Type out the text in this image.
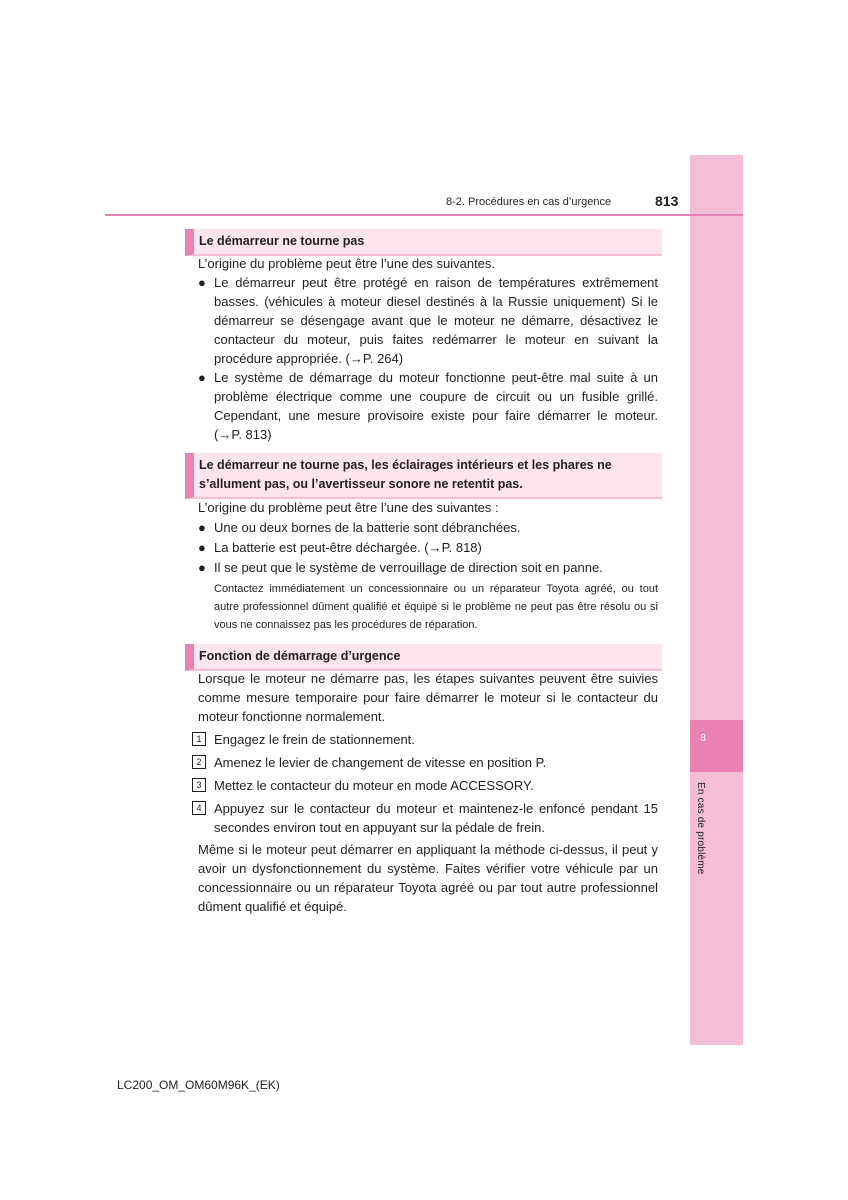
8
En cas de problème
8-2. Procédures en cas d’urgence	813
Le démarreur ne tourne pas
L’origine du problème peut être l’une des suivantes.
● Le démarreur peut être protégé en raison de températures extrêmement basses. (véhicules à moteur diesel destinés à la Russie uniquement) Si le démarreur se désengage avant que le moteur ne démarre, désactivez le contacteur du moteur, puis faites redémarrer le moteur en suivant la procédure appropriée. (→P. 264)
● Le système de démarrage du moteur fonctionne peut-être mal suite à un problème électrique comme une coupure de circuit ou un fusible grillé. Cependant, une mesure provisoire existe pour faire démarrer le moteur. (→P. 813)
Le démarreur ne tourne pas, les éclairages intérieurs et les phares ne s’allument pas, ou l’avertisseur sonore ne retentit pas.
L’origine du problème peut être l’une des suivantes :
● Une ou deux bornes de la batterie sont débranchées.
● La batterie est peut-être déchargée. (→P. 818)
● Il se peut que le système de verrouillage de direction soit en panne.
Contactez immédiatement un concessionnaire ou un réparateur Toyota agréé, ou tout autre professionnel dûment qualifié et équipé si le problème ne peut pas être résolu ou si vous ne connaissez pas les procédures de réparation.
Fonction de démarrage d’urgence
Lorsque le moteur ne démarre pas, les étapes suivantes peuvent être suivies comme mesure temporaire pour faire démarrer le moteur si le contacteur du moteur fonctionne normalement.
1 Engagez le frein de stationnement.
2 Amenez le levier de changement de vitesse en position P.
3 Mettez le contacteur du moteur en mode ACCESSORY.
4 Appuyez sur le contacteur du moteur et maintenez-le enfoncé pendant 15 secondes environ tout en appuyant sur la pédale de frein.
Même si le moteur peut démarrer en appliquant la méthode ci-dessus, il peut y avoir un dysfonctionnement du système. Faites vérifier votre véhicule par un concessionnaire ou un réparateur Toyota agréé ou par tout autre professionnel dûment qualifié et équipé.
LC200_OM_OM60M96K_(EK)
